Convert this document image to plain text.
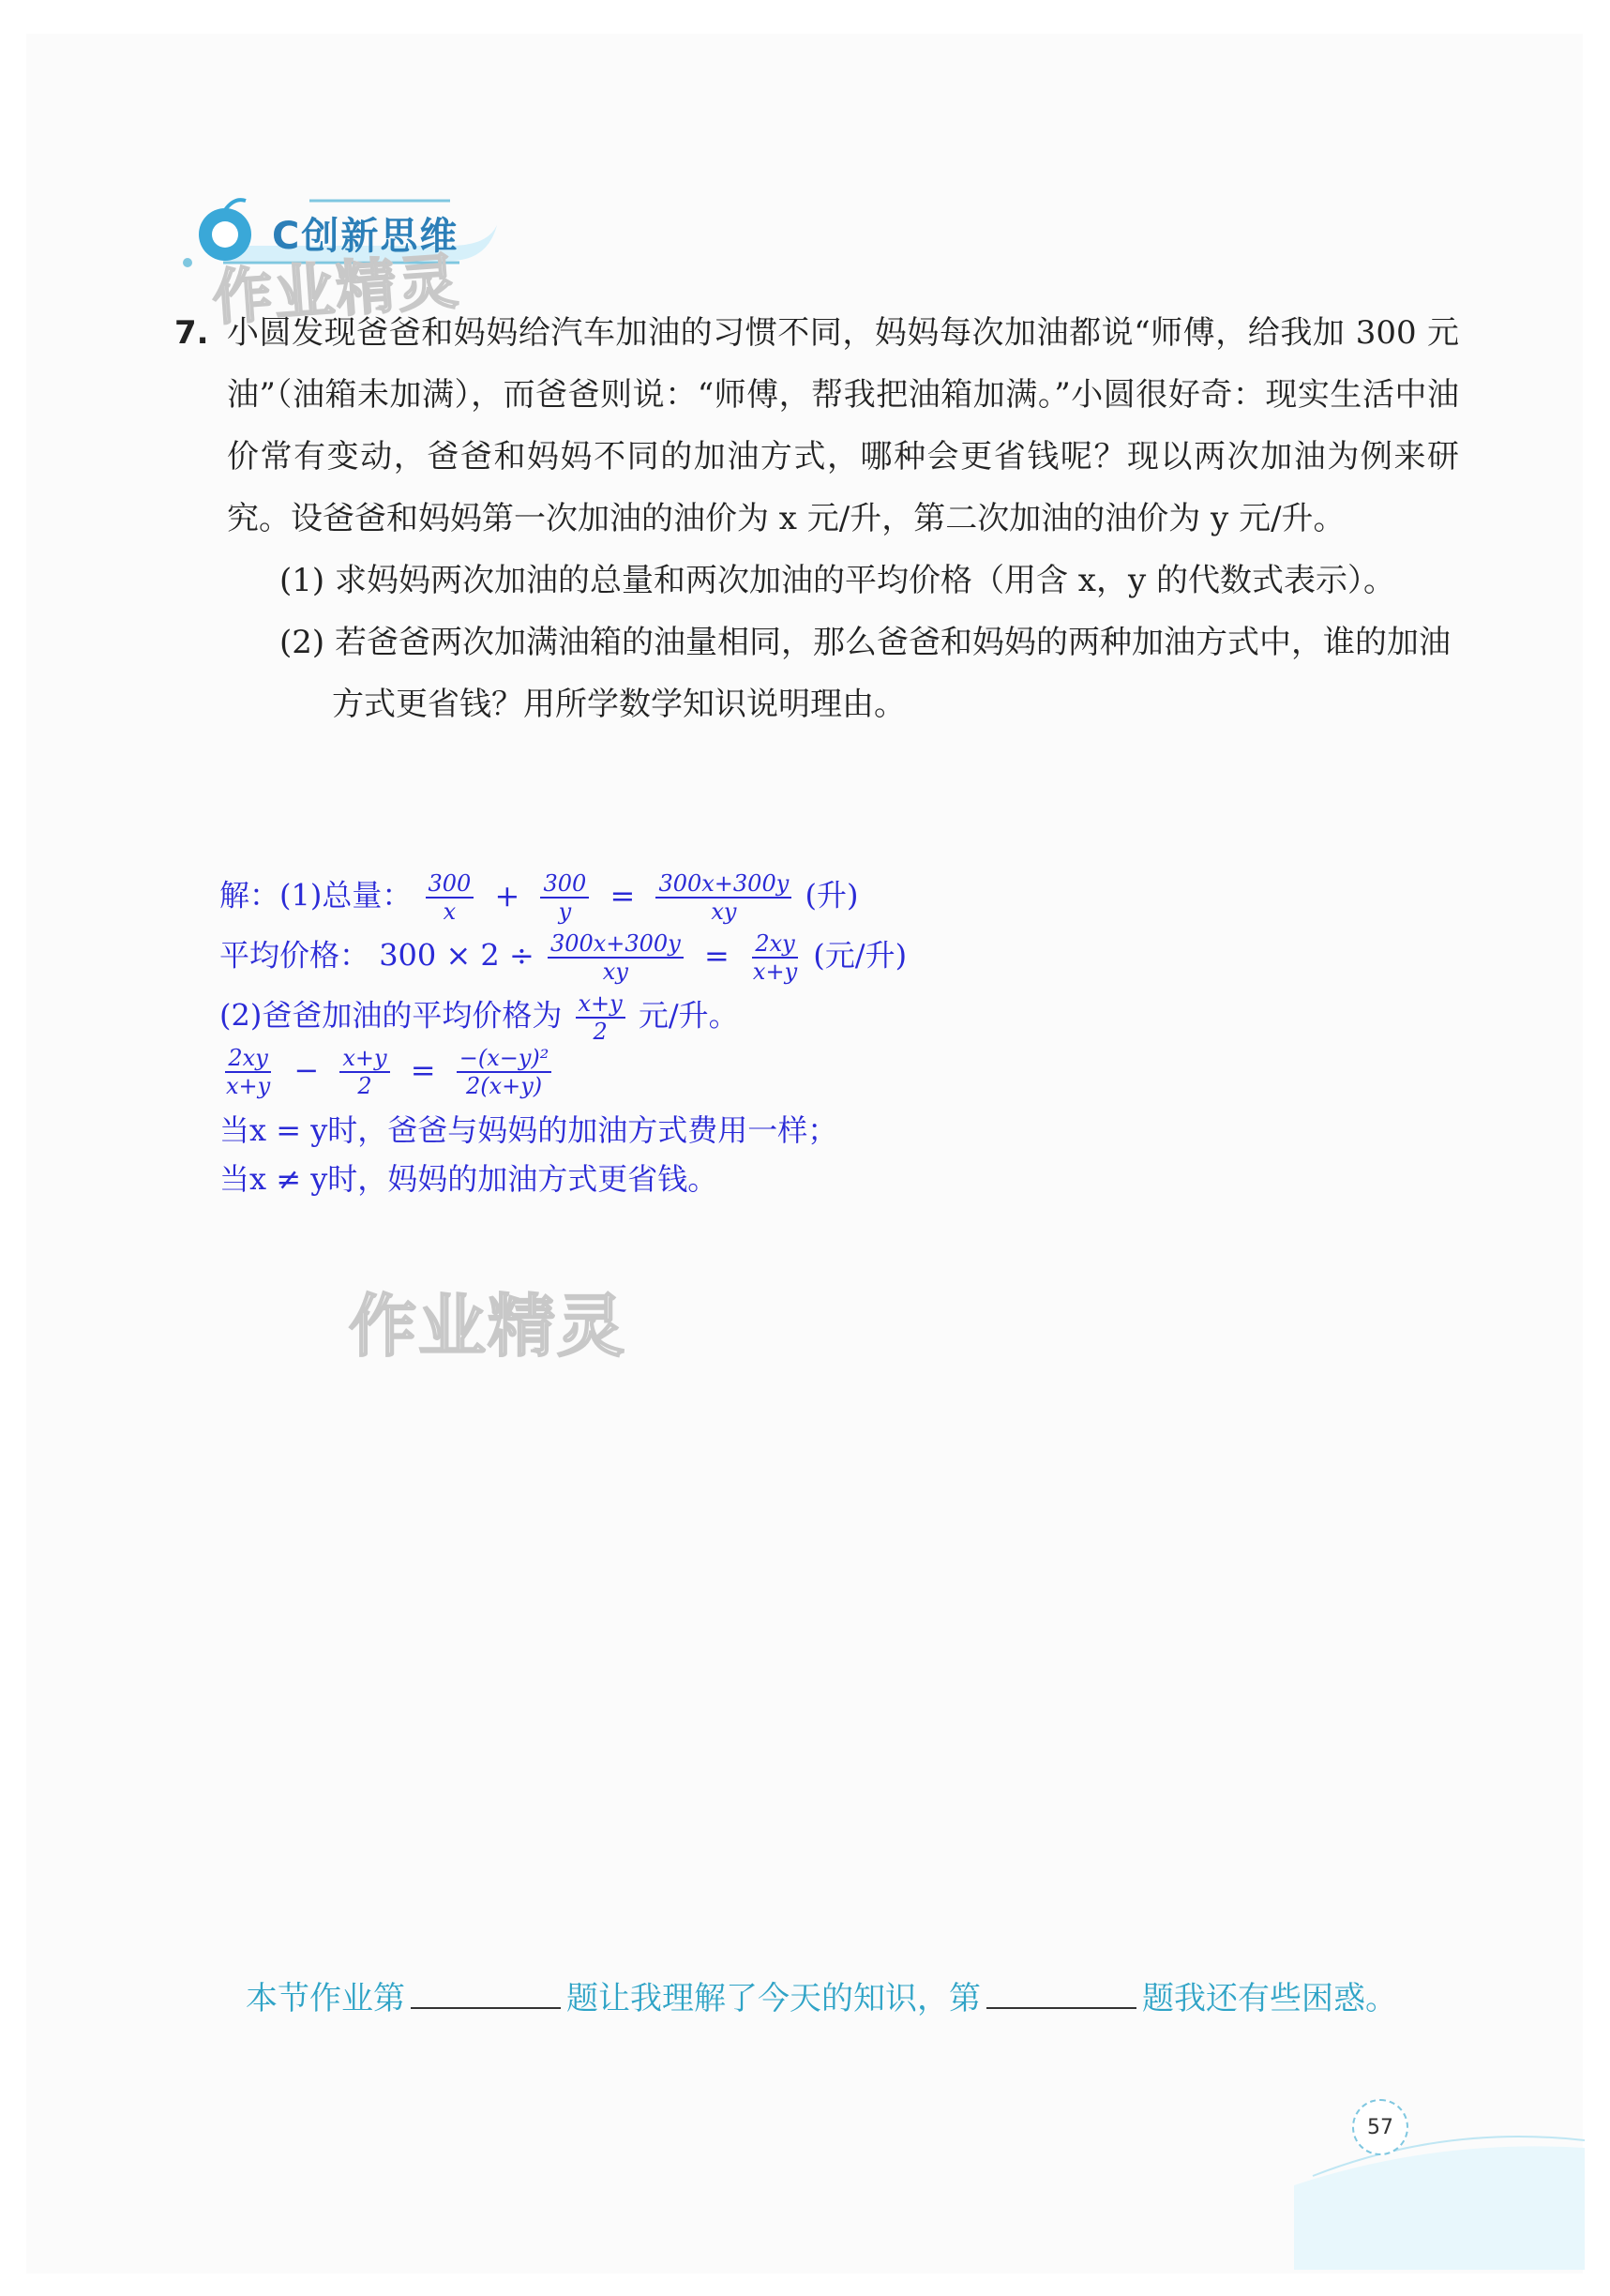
C创新思维
作业精灵
作业精灵
7. 小圆发现爸爸和妈妈给汽车加油的习惯不同，妈妈每次加油都说“师傅，给我加 300 元油”（油箱未加满），而爸爸则说：“师傅，帮我把油箱加满。”小圆很好奇：现实生活中油价常有变动，爸爸和妈妈不同的加油方式，哪种会更省钱呢？现以两次加油为例来研究。设爸爸和妈妈第一次加油的油价为 x 元/升，第二次加油的油价为 y 元/升。
(1) 求妈妈两次加油的总量和两次加油的平均价格（用含 x，y 的代数式表示）。
(2) 若爸爸两次加满油箱的油量相同，那么爸爸和妈妈的两种加油方式中，谁的加油方式更省钱？用所学数学知识说明理由。
解：(1)总量： $\frac{300}{x} + \frac{300}{y} = \frac{300x+300y}{xy}$ (升)
平均价格： $300 \times 2 \div \frac{300x+300y}{xy} = \frac{2xy}{x+y}$ (元/升)
(2)爸爸加油的平均价格为 $\frac{x+y}{2}$ 元/升。
$\frac{2xy}{x+y} - \frac{x+y}{2} = \frac{\text{−(x−y)²}}{2(x+y)}$
当x = y时，爸爸与妈妈的加油方式费用一样；
当x ≠ y时，妈妈的加油方式更省钱。
本节作业第	题让我理解了今天的知识，第	题我还有些困惑。
57
